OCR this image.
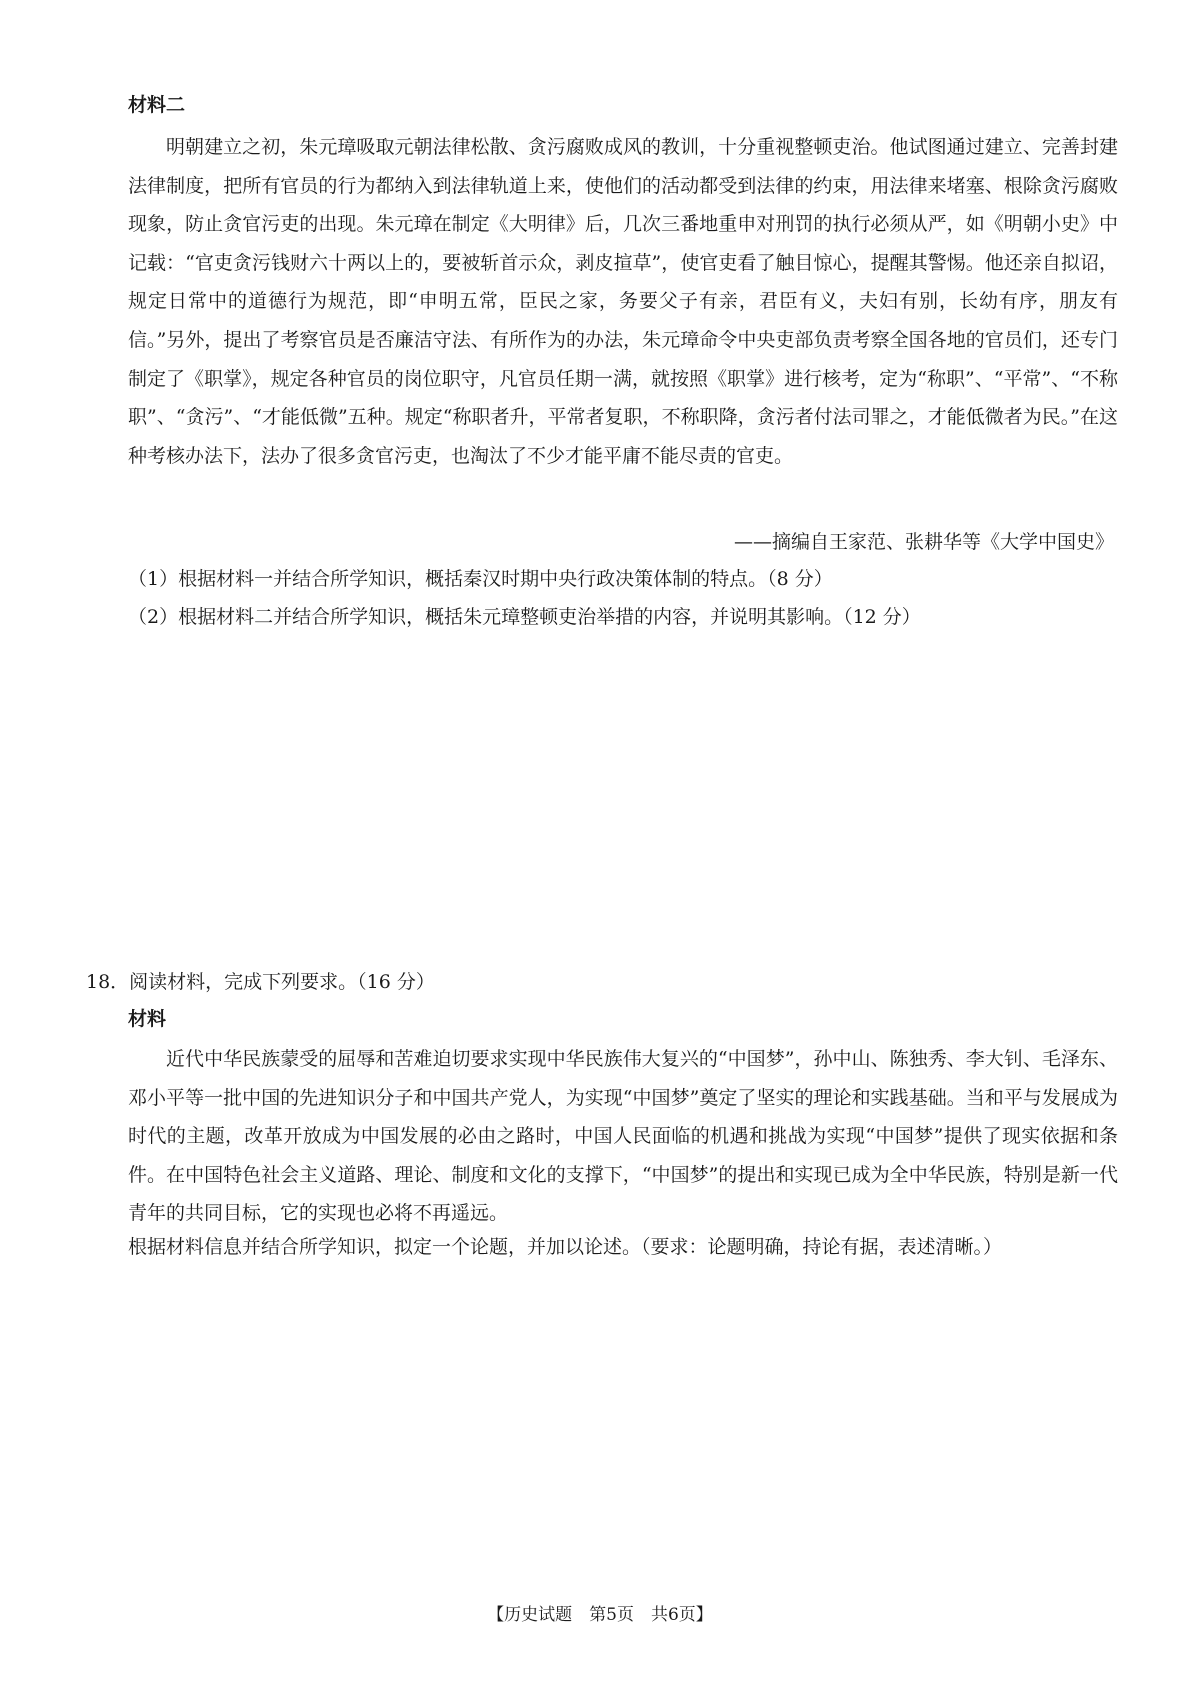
材料二

明朝建立之初，朱元璋吸取元朝法律松散、贪污腐败成风的教训，十分重视整顿吏治。他试图通过建立、完善封建法律制度，把所有官员的行为都纳入到法律轨道上来，使他们的活动都受到法律的约束，用法律来堵塞、根除贪污腐败现象，防止贪官污吏的出现。朱元璋在制定《大明律》后，几次三番地重申对刑罚的执行必须从严，如《明朝小史》中记载：“官吏贪污钱财六十两以上的，要被斩首示众，剥皮揎草”，使官吏看了触目惊心，提醒其警惕。他还亲自拟诏，规定日常中的道德行为规范，即“申明五常，臣民之家，务要父子有亲，君臣有义，夫妇有别，长幼有序，朋友有信。”另外，提出了考察官员是否廉洁守法、有所作为的办法，朱元璋命令中央吏部负责考察全国各地的官员们，还专门制定了《职掌》，规定各种官员的岗位职守，凡官员任期一满，就按照《职掌》进行核考，定为“称职”、“平常”、“不称职”、“贪污”、“才能低微”五种。规定“称职者升，平常者复职，不称职降，贪污者付法司罪之，才能低微者为民。”在这种考核办法下，法办了很多贪官污吏，也淘汰了不少才能平庸不能尽责的官吏。

——摘编自王家范、张耕华等《大学中国史》
（1）根据材料一并结合所学知识，概括秦汉时期中央行政决策体制的特点。（8 分）
（2）根据材料二并结合所学知识，概括朱元璋整顿吏治举措的内容，并说明其影响。（12 分）
18．阅读材料，完成下列要求。（16 分）
材料

近代中华民族蒙受的屈辱和苦难迫切要求实现中华民族伟大复兴的“中国梦”，孙中山、陈独秀、李大钊、毛泽东、邓小平等一批中国的先进知识分子和中国共产党人，为实现“中国梦”奠定了坚实的理论和实践基础。当和平与发展成为时代的主题，改革开放成为中国发展的必由之路时，中国人民面临的机遇和挑战为实现“中国梦”提供了现实依据和条件。在中国特色社会主义道路、理论、制度和文化的支撑下，“中国梦”的提出和实现已成为全中华民族，特别是新一代青年的共同目标，它的实现也必将不再遥远。

根据材料信息并结合所学知识，拟定一个论题，并加以论述。（要求：论题明确，持论有据，表述清晰。）
【历史试题　第5页　共6页】
